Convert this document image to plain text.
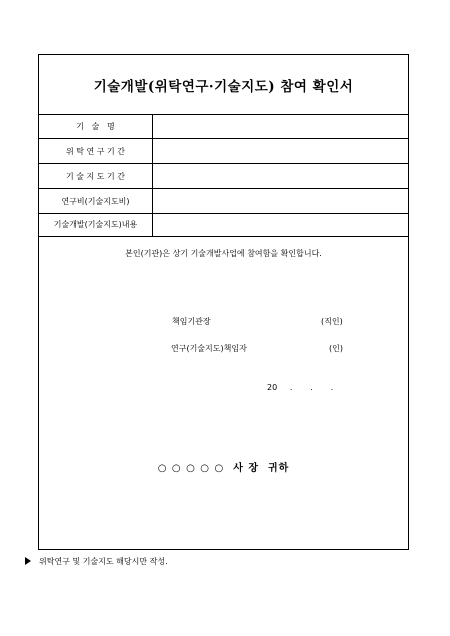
기술개발(위탁연구·기술지도) 참여 확인서
기   술   명
위 탁 연 구 기 간
기 술 지 도 기 간
연구비(기술지도비)
기술개발(기술지도)내용
본인(기관)은 상기 기술개발사업에 참여함을 확인합니다.
책임기관장	(직인)
연구(기술지도)책임자	(인)
20     .       .       .
○ ○ ○ ○ ○  사 장  귀하
위탁연구 및 기술지도 해당시만 작성.
